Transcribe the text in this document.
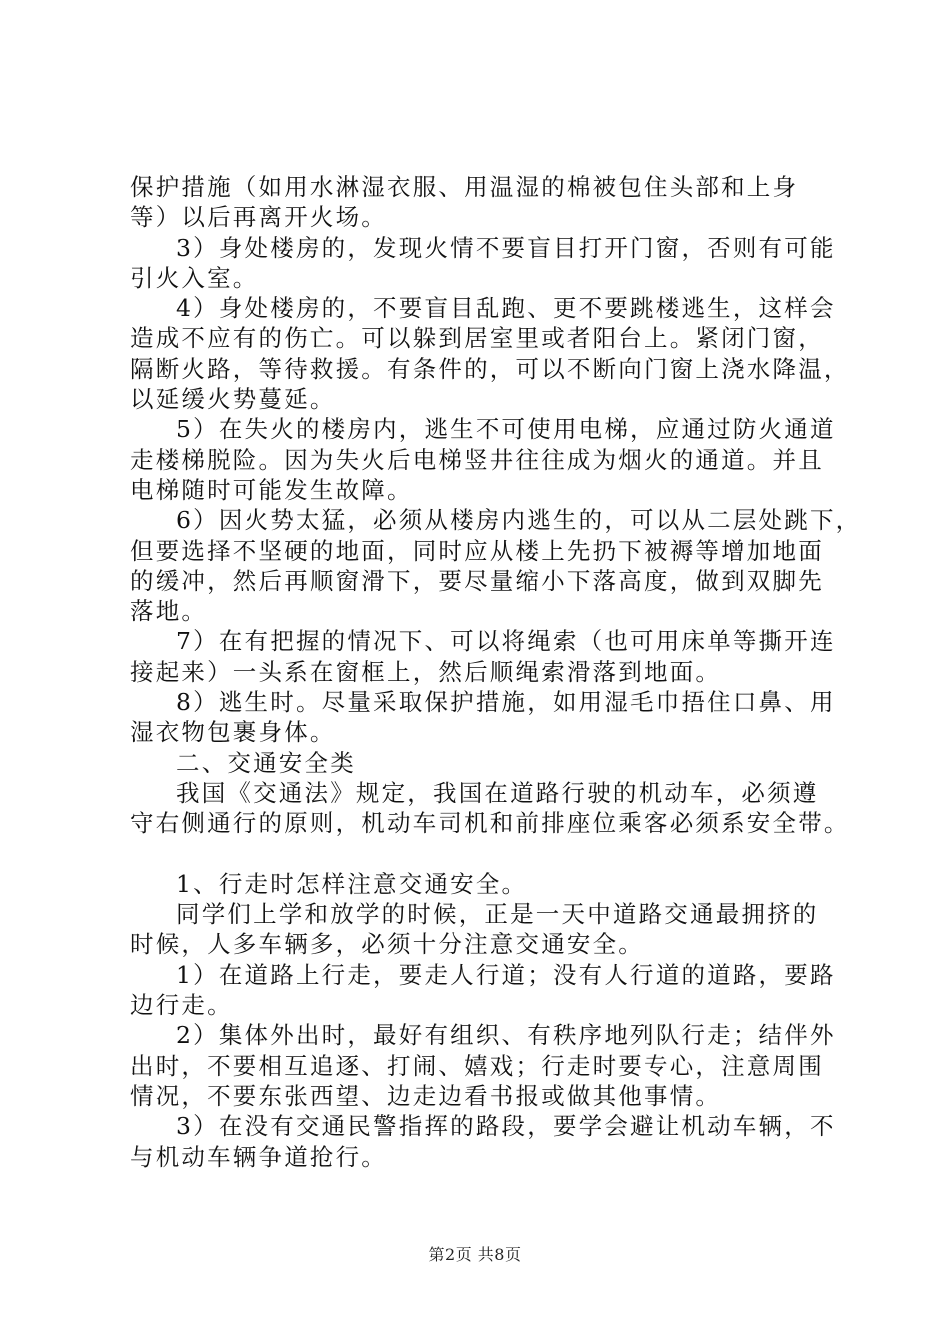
保护措施（如用水淋湿衣服、用温湿的棉被包住头部和上身
等）以后再离开火场。
3）身处楼房的，发现火情不要盲目打开门窗，否则有可能
引火入室。
4）身处楼房的，不要盲目乱跑、更不要跳楼逃生，这样会
造成不应有的伤亡。可以躲到居室里或者阳台上。紧闭门窗，
隔断火路，等待救援。有条件的，可以不断向门窗上浇水降温，
以延缓火势蔓延。
5）在失火的楼房内，逃生不可使用电梯，应通过防火通道
走楼梯脱险。因为失火后电梯竖井往往成为烟火的通道。并且
电梯随时可能发生故障。
6）因火势太猛，必须从楼房内逃生的，可以从二层处跳下，
但要选择不坚硬的地面，同时应从楼上先扔下被褥等增加地面
的缓冲，然后再顺窗滑下，要尽量缩小下落高度，做到双脚先
落地。
7）在有把握的情况下、可以将绳索（也可用床单等撕开连
接起来）一头系在窗框上，然后顺绳索滑落到地面。
8）逃生时。尽量采取保护措施，如用湿毛巾捂住口鼻、用
湿衣物包裹身体。
二、交通安全类
我国《交通法》规定，我国在道路行驶的机动车，必须遵
守右侧通行的原则，机动车司机和前排座位乘客必须系安全带。
1、行走时怎样注意交通安全。
同学们上学和放学的时候，正是一天中道路交通最拥挤的
时候，人多车辆多，必须十分注意交通安全。
1）在道路上行走，要走人行道；没有人行道的道路，要路
边行走。
2）集体外出时，最好有组织、有秩序地列队行走；结伴外
出时，不要相互追逐、打闹、嬉戏；行走时要专心，注意周围
情况，不要东张西望、边走边看书报或做其他事情。
3）在没有交通民警指挥的路段，要学会避让机动车辆，不
与机动车辆争道抢行。
第2页 共8页
